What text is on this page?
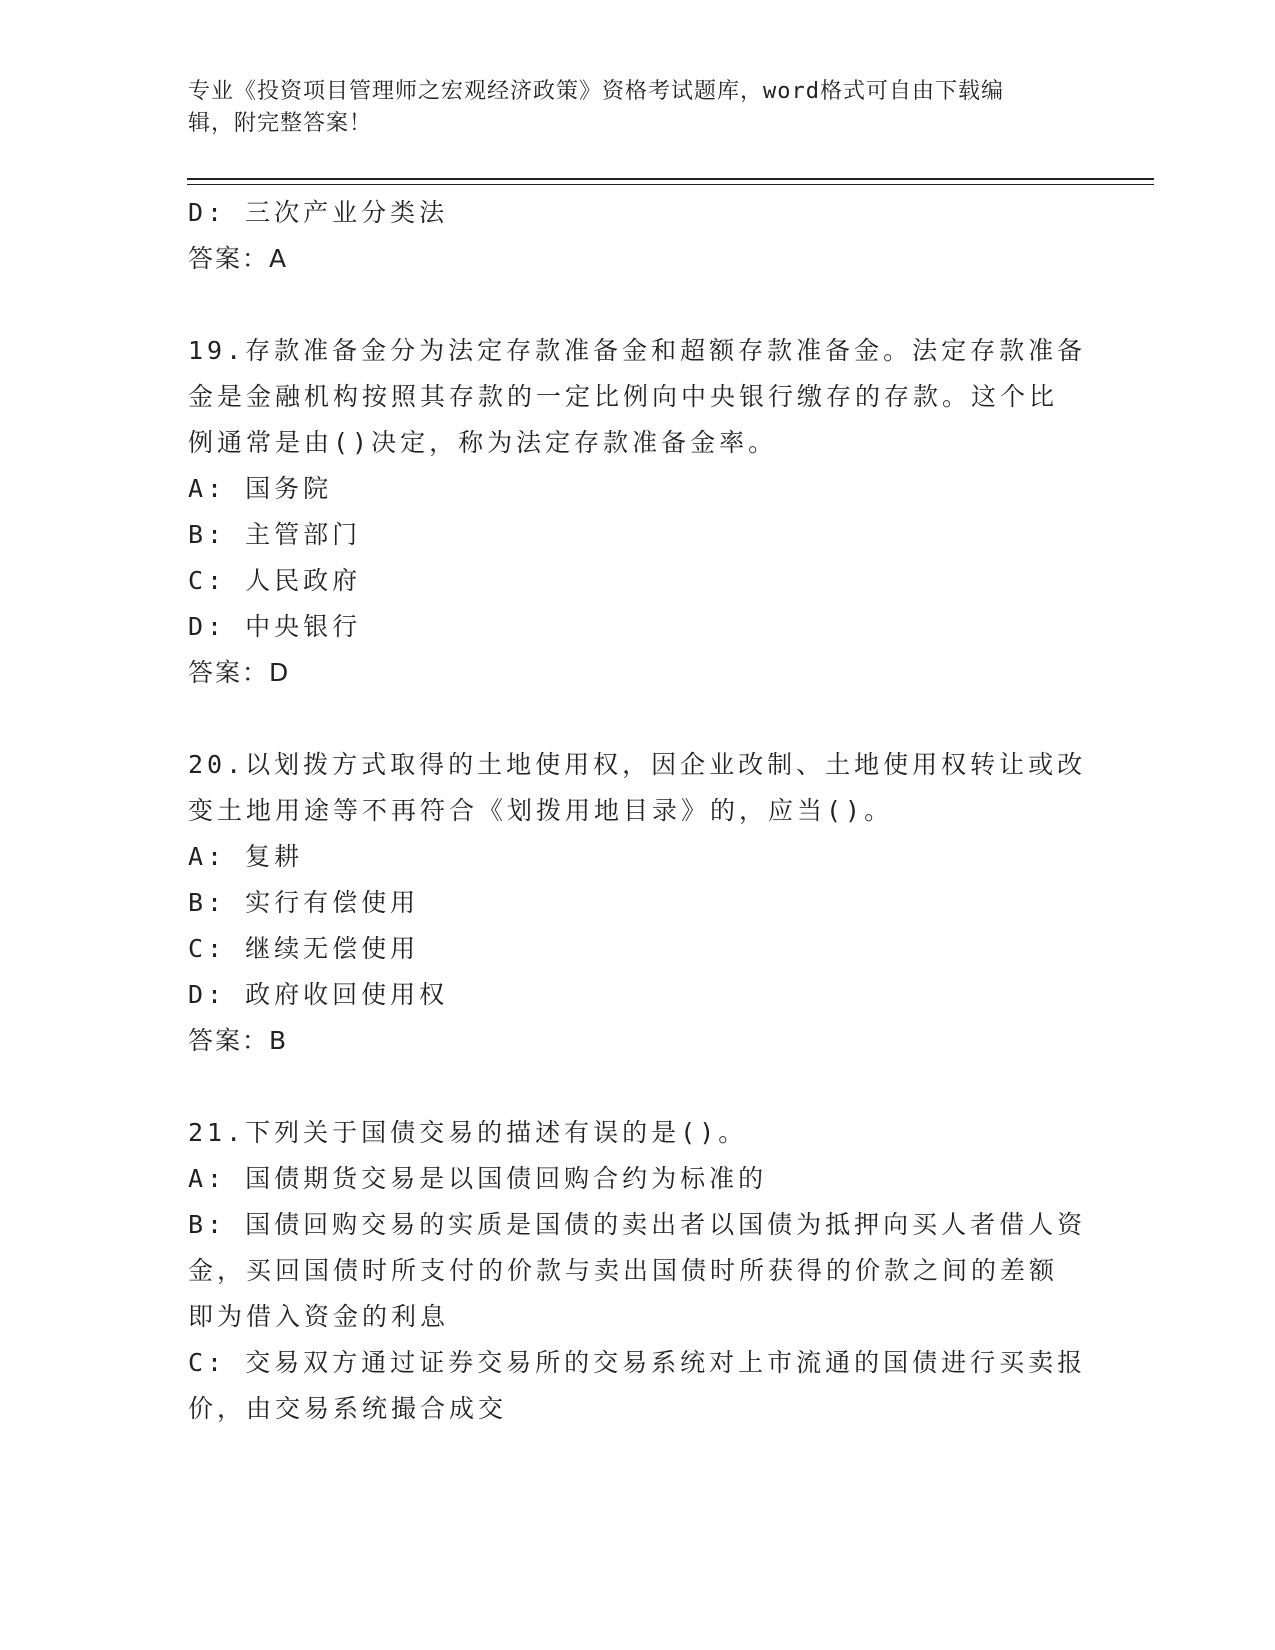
专业《投资项目管理师之宏观经济政策》资格考试题库，word格式可自由下载编
辑，附完整答案！
D: 三次产业分类法
答案：A
19.存款准备金分为法定存款准备金和超额存款准备金。法定存款准备
金是金融机构按照其存款的一定比例向中央银行缴存的存款。这个比
例通常是由()决定，称为法定存款准备金率。
A: 国务院
B: 主管部门
C: 人民政府
D: 中央银行
答案：D
20.以划拨方式取得的土地使用权，因企业改制、土地使用权转让或改
变土地用途等不再符合《划拨用地目录》的，应当()。
A: 复耕
B: 实行有偿使用
C: 继续无偿使用
D: 政府收回使用权
答案：B
21.下列关于国债交易的描述有误的是()。
A: 国债期货交易是以国债回购合约为标准的
B: 国债回购交易的实质是国债的卖出者以国债为抵押向买人者借人资
金，买回国债时所支付的价款与卖出国债时所获得的价款之间的差额
即为借入资金的利息
C: 交易双方通过证券交易所的交易系统对上市流通的国债进行买卖报
价，由交易系统撮合成交
